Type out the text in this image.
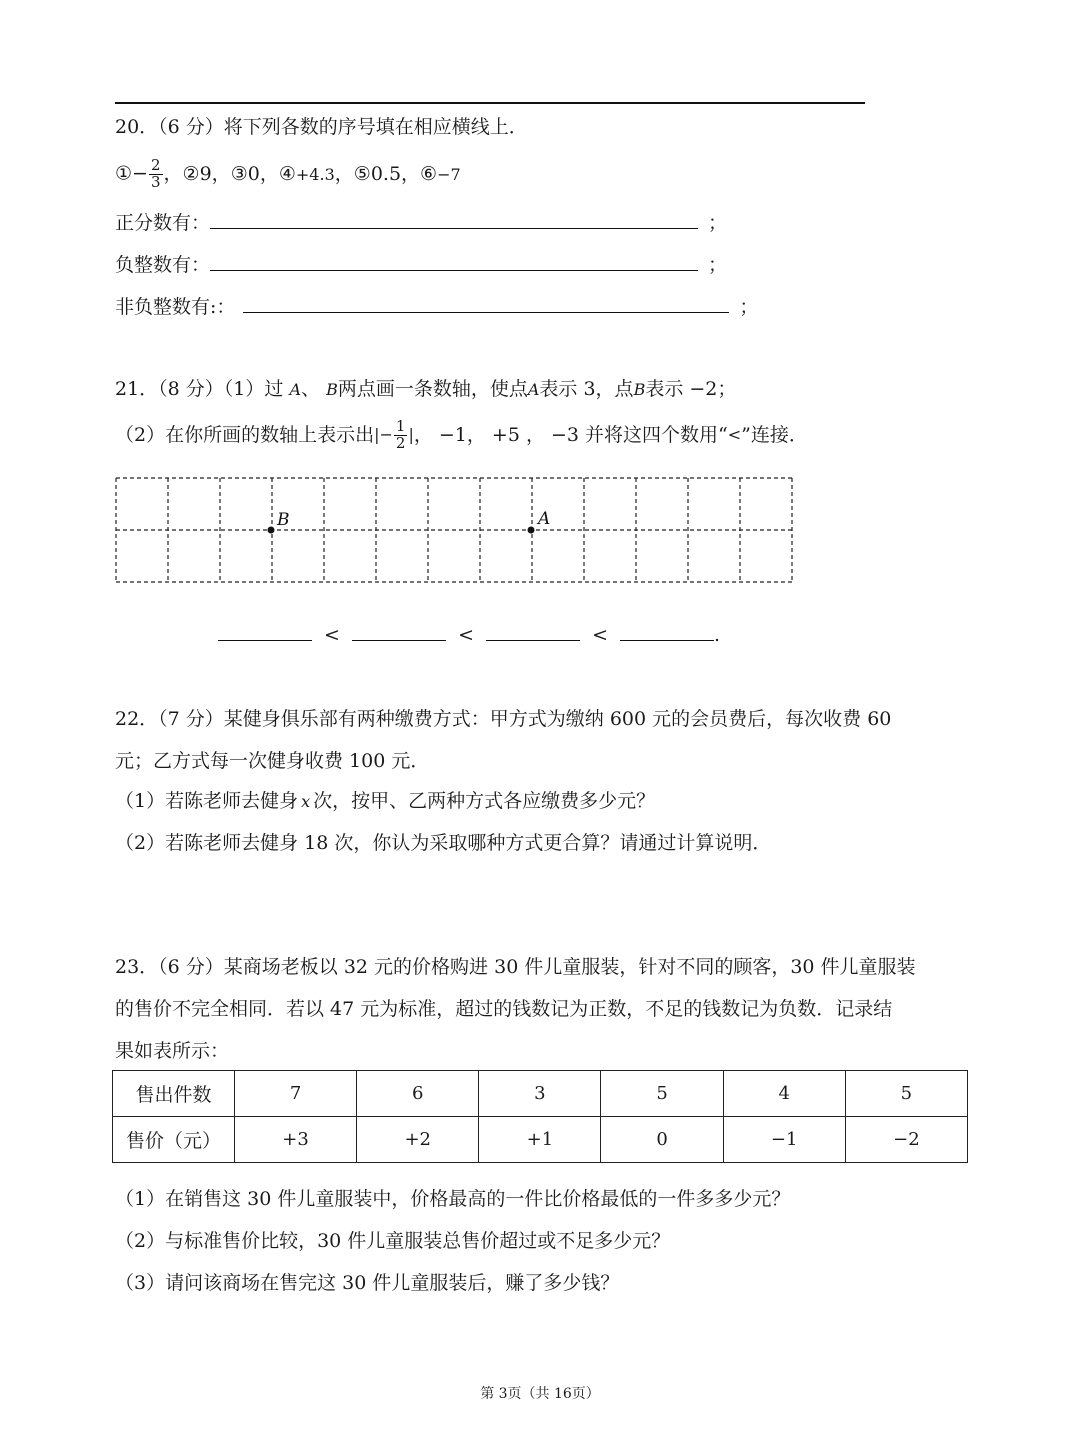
20．（6 分）将下列各数的序号填在相应横线上．
①− $\frac{2}{3}$ ， ②9， ③0， ④+4.3， ⑤0.5， ⑥−7
正分数有：	；
负整数有：	；
非负整数有:：	；
21．（8 分）（1）过 A、 B两点画一条数轴，使点A表示 3，点B表示 −2；
（2）在你所画的数轴上表示出 |− $\frac{1}{2}$ | ， −1， +5 ， −3 并将这四个数用“ < ”连接．
B	A
<	<	<	.
22．（7 分）某健身俱乐部有两种缴费方式：甲方式为缴纳 600 元的会员费后，每次收费 60
元；乙方式每一次健身收费 100 元．
（1）若陈老师去健身 x 次，按甲、乙两种方式各应缴费多少元？
（2）若陈老师去健身 18 次，你认为采取哪种方式更合算？请通过计算说明．
23．（6 分）某商场老板以 32 元的价格购进 30 件儿童服装，针对不同的顾客，30 件儿童服装
的售价不完全相同．若以 47 元为标准，超过的钱数记为正数，不足的钱数记为负数．记录结
果如表所示：
售出件数	7	6	3	5	4	5
售价（元）	+3	+2	+1	0	−1	−2
（1）在销售这 30 件儿童服装中，价格最高的一件比价格最低的一件多多少元？
（2）与标准售价比较，30 件儿童服装总售价超过或不足多少元？
（3）请问该商场在售完这 30 件儿童服装后，赚了多少钱？
第 3页（共 16页）
